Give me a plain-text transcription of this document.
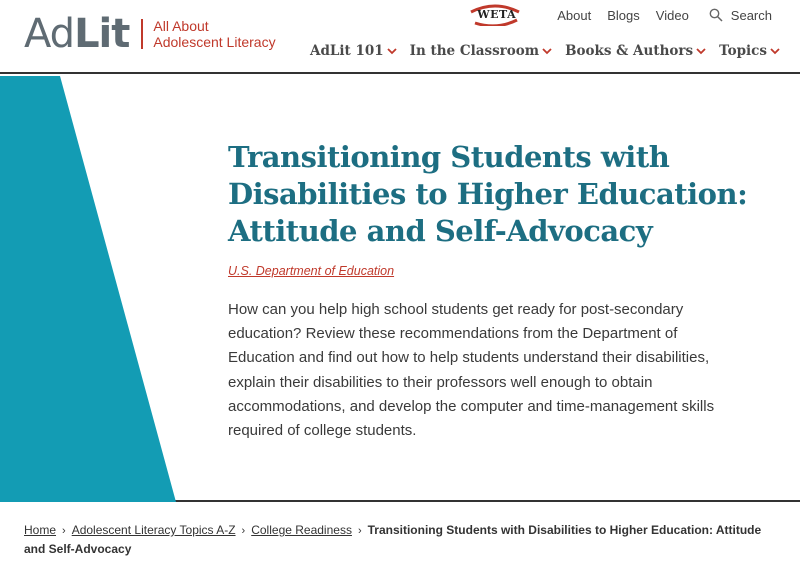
Ad Lit All About
Adolescent Literacy
WETA	About Blogs Video	Search
AdLit 101 In the Classroom Books & Authors Topics
Transitioning Students with
Disabilities to Higher Education:
Attitude and Self-Advocacy
U.S. Department of Education

How can you help high school students get ready for post-secondary education? Review these recommendations from the Department of Education and find out how to help students understand their disabilities, explain their disabilities to their professors well enough to obtain accommodations, and develop the computer and time-management skills required of college students.

Home › Adolescent Literacy Topics A-Z › College Readiness › Transitioning Students with Disabilities to Higher Education: Attitude and Self-Advocacy
